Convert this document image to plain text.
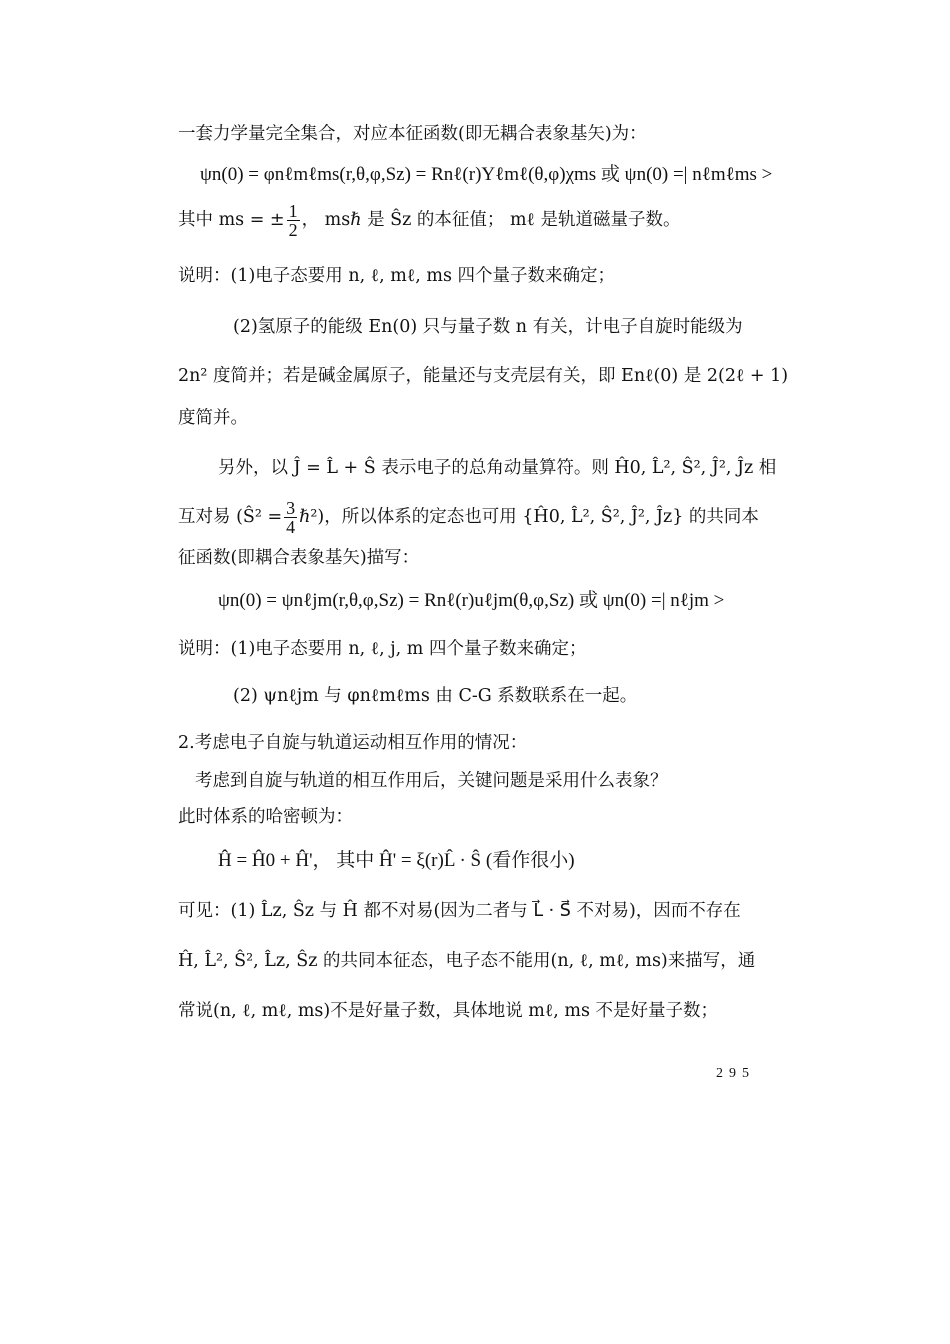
一套力学量完全集合，对应本征函数(即无耦合表象基矢)为：
ψn(0) = φnℓmℓms(r,θ,φ,Sz) = Rnℓ(r)Yℓmℓ(θ,φ)χms 或 ψn(0) =| nℓmℓms >
其中 ms = ± $\frac{1}{2}$ ， msℏ 是 Ŝz 的本征值； mℓ 是轨道磁量子数。
说明：(1)电子态要用 n, ℓ, mℓ, ms 四个量子数来确定；
(2)氢原子的能级 En(0) 只与量子数 n 有关，计电子自旋时能级为
2n² 度简并；若是碱金属原子，能量还与支壳层有关，即 Enℓ(0) 是 2(2ℓ + 1)
度简并。
另外，以 Ĵ = L̂ + Ŝ 表示电子的总角动量算符。则 Ĥ0, L̂², Ŝ², Ĵ², Ĵz 相
互对易 (Ŝ² = $\frac{3}{4}$ ℏ²)，所以体系的定态也可用 {Ĥ0, L̂², Ŝ², Ĵ², Ĵz} 的共同本
征函数(即耦合表象基矢)描写：
ψn(0) = ψnℓjm(r,θ,φ,Sz) = Rnℓ(r)uℓjm(θ,φ,Sz) 或 ψn(0) =| nℓjm >
说明：(1)电子态要用 n, ℓ, j, m 四个量子数来确定；
(2) ψnℓjm 与 φnℓmℓms 由 C-G 系数联系在一起。
2.考虑电子自旋与轨道运动相互作用的情况：
考虑到自旋与轨道的相互作用后，关键问题是采用什么表象？
此时体系的哈密顿为：
Ĥ = Ĥ0 + Ĥ'， 其中 Ĥ' = ξ(r)L̂ · Ŝ (看作很小)
可见：(1) L̂z, Ŝz 与 Ĥ 都不对易(因为二者与 L⃗ · S⃗ 不对易)，因而不存在
Ĥ, L̂², Ŝ², L̂z, Ŝz 的共同本征态，电子态不能用(n, ℓ, mℓ, ms)来描写，通
常说(n, ℓ, mℓ, ms)不是好量子数，具体地说 mℓ, ms 不是好量子数；
295
